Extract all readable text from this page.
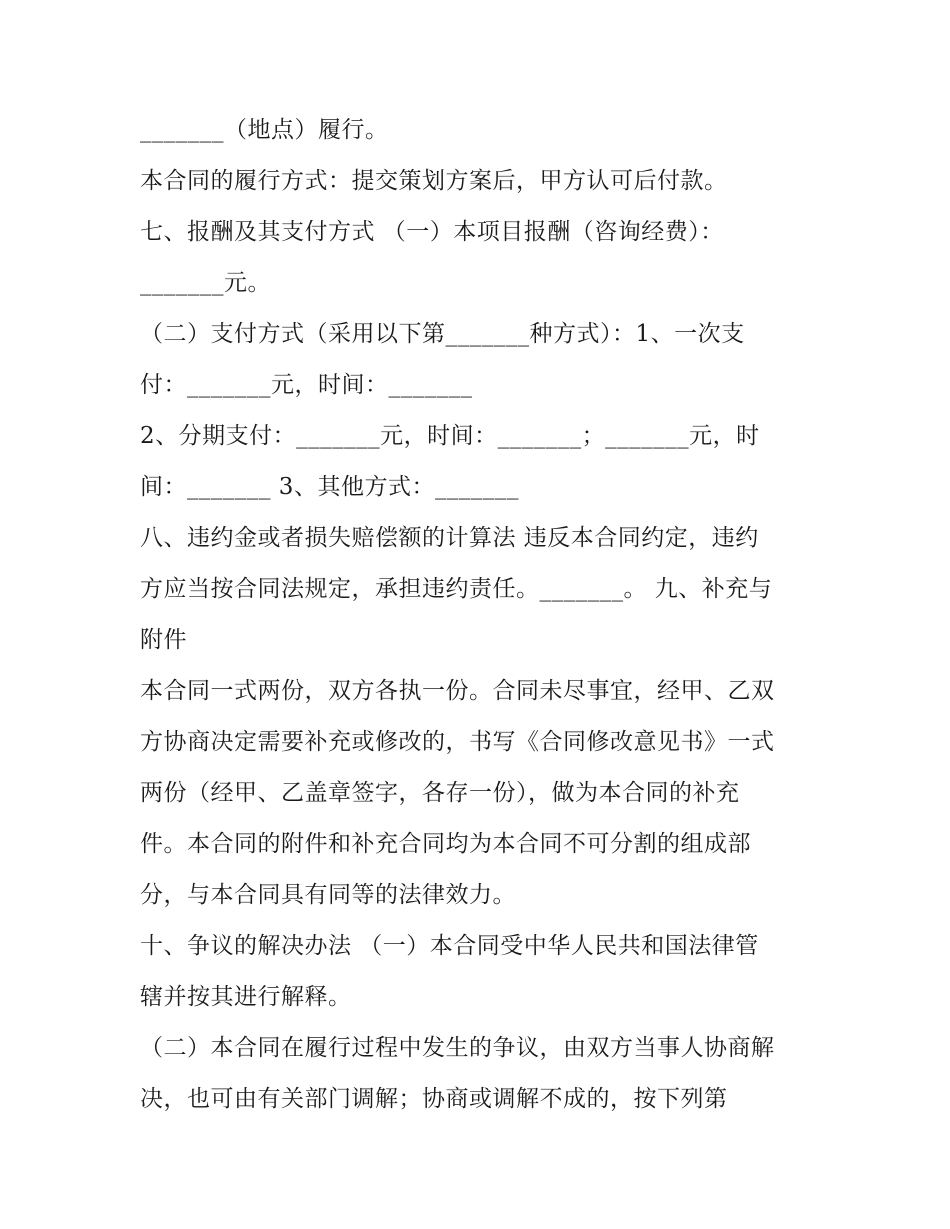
_______（地点）履行。

本合同的履行方式：提交策划方案后，甲方认可后付款。

七、报酬及其支付方式 （一）本项目报酬（咨询经费）：

_______元。

（二）支付方式（采用以下第_______种方式）：1、一次支

付：_______元，时间：_______

2、分期支付：_______元，时间：_______；_______元，时

间：_______ 3、其他方式：_______

八、违约金或者损失赔偿额的计算法 违反本合同约定，违约

方应当按合同法规定，承担违约责任。_______。 九、补充与

附件

本合同一式两份，双方各执一份。合同未尽事宜，经甲、乙双

方协商决定需要补充或修改的，书写《合同修改意见书》一式

两份（经甲、乙盖章签字，各存一份），做为本合同的补充

件。本合同的附件和补充合同均为本合同不可分割的组成部

分，与本合同具有同等的法律效力。

十、争议的解决办法 （一）本合同受中华人民共和国法律管

辖并按其进行解释。

（二）本合同在履行过程中发生的争议，由双方当事人协商解

决，也可由有关部门调解；协商或调解不成的，按下列第
